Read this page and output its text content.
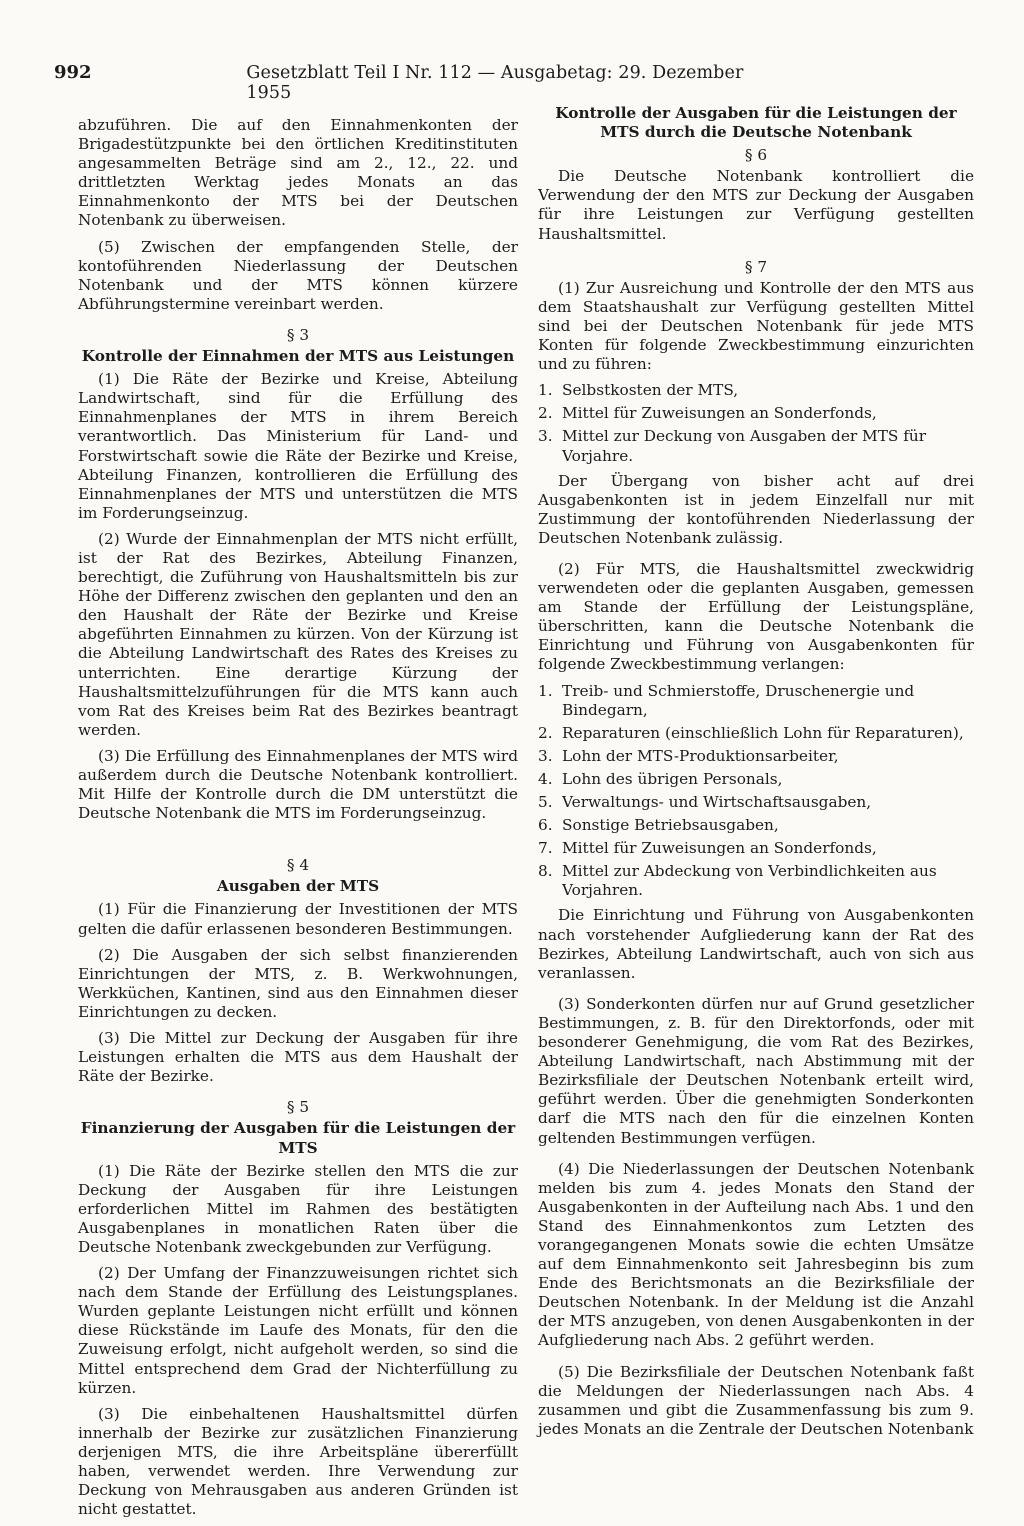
992	Gesetzblatt Teil I Nr. 112 — Ausgabetag: 29. Dezember 1955

abzuführen. Die auf den Einnahmenkonten der Brigadestützpunkte bei den örtlichen Kreditinstituten angesammelten Beträge sind am 2., 12., 22. und drittletzten Werktag jedes Monats an das Einnahmenkonto der MTS bei der Deutschen Notenbank zu überweisen.

(5) Zwischen der empfangenden Stelle, der kontoführenden Niederlassung der Deutschen Notenbank und der MTS können kürzere Abführungstermine vereinbart werden.

§ 3
Kontrolle der Einnahmen der MTS aus Leistungen

(1) Die Räte der Bezirke und Kreise, Abteilung Landwirtschaft, sind für die Erfüllung des Einnahmenplanes der MTS in ihrem Bereich verantwortlich. Das Ministerium für Land- und Forstwirtschaft sowie die Räte der Bezirke und Kreise, Abteilung Finanzen, kontrollieren die Erfüllung des Einnahmenplanes der MTS und unterstützen die MTS im Forderungseinzug.

(2) Wurde der Einnahmenplan der MTS nicht erfüllt, ist der Rat des Bezirkes, Abteilung Finanzen, berechtigt, die Zuführung von Haushaltsmitteln bis zur Höhe der Differenz zwischen den geplanten und den an den Haushalt der Räte der Bezirke und Kreise abgeführten Einnahmen zu kürzen. Von der Kürzung ist die Abteilung Landwirtschaft des Rates des Kreises zu unterrichten. Eine derartige Kürzung der Haushaltsmittelzuführungen für die MTS kann auch vom Rat des Kreises beim Rat des Bezirkes beantragt werden.

(3) Die Erfüllung des Einnahmenplanes der MTS wird außerdem durch die Deutsche Notenbank kontrolliert. Mit Hilfe der Kontrolle durch die DM unterstützt die Deutsche Notenbank die MTS im Forderungseinzug.

§ 4
Ausgaben der MTS

(1) Für die Finanzierung der Investitionen der MTS gelten die dafür erlassenen besonderen Bestimmungen.

(2) Die Ausgaben der sich selbst finanzierenden Einrichtungen der MTS, z. B. Werkwohnungen, Werkküchen, Kantinen, sind aus den Einnahmen dieser Einrichtungen zu decken.

(3) Die Mittel zur Deckung der Ausgaben für ihre Leistungen erhalten die MTS aus dem Haushalt der Räte der Bezirke.

§ 5
Finanzierung der Ausgaben für die Leistungen der MTS

(1) Die Räte der Bezirke stellen den MTS die zur Deckung der Ausgaben für ihre Leistungen erforderlichen Mittel im Rahmen des bestätigten Ausgabenplanes in monatlichen Raten über die Deutsche Notenbank zweckgebunden zur Verfügung.

(2) Der Umfang der Finanzzuweisungen richtet sich nach dem Stande der Erfüllung des Leistungsplanes. Wurden geplante Leistungen nicht erfüllt und können diese Rückstände im Laufe des Monats, für den die Zuweisung erfolgt, nicht aufgeholt werden, so sind die Mittel entsprechend dem Grad der Nichterfüllung zu kürzen.

(3) Die einbehaltenen Haushaltsmittel dürfen innerhalb der Bezirke zur zusätzlichen Finanzierung derjenigen MTS, die ihre Arbeitspläne übererfüllt haben, verwendet werden. Ihre Verwendung zur Deckung von Mehrausgaben aus anderen Gründen ist nicht gestattet.

Kontrolle der Ausgaben für die Leistungen der MTS durch die Deutsche Notenbank
§ 6

Die Deutsche Notenbank kontrolliert die Verwendung der den MTS zur Deckung der Ausgaben für ihre Leistungen zur Verfügung gestellten Haushaltsmittel.

§ 7

(1) Zur Ausreichung und Kontrolle der den MTS aus dem Staatshaushalt zur Verfügung gestellten Mittel sind bei der Deutschen Notenbank für jede MTS Konten für folgende Zweckbestimmung einzurichten und zu führen:

1. Selbstkosten der MTS,
2. Mittel für Zuweisungen an Sonderfonds,
3. Mittel zur Deckung von Ausgaben der MTS für Vorjahre.

Der Übergang von bisher acht auf drei Ausgabenkonten ist in jedem Einzelfall nur mit Zustimmung der kontoführenden Niederlassung der Deutschen Notenbank zulässig.

(2) Für MTS, die Haushaltsmittel zweckwidrig verwendeten oder die geplanten Ausgaben, gemessen am Stande der Erfüllung der Leistungspläne, überschritten, kann die Deutsche Notenbank die Einrichtung und Führung von Ausgabenkonten für folgende Zweckbestimmung verlangen:

1. Treib- und Schmierstoffe, Druschenergie und Bindegarn,
2. Reparaturen (einschließlich Lohn für Reparaturen),
3. Lohn der MTS-Produktionsarbeiter,
4. Lohn des übrigen Personals,
5. Verwaltungs- und Wirtschaftsausgaben,
6. Sonstige Betriebsausgaben,
7. Mittel für Zuweisungen an Sonderfonds,
8. Mittel zur Abdeckung von Verbindlichkeiten aus Vorjahren.

Die Einrichtung und Führung von Ausgabenkonten nach vorstehender Aufgliederung kann der Rat des Bezirkes, Abteilung Landwirtschaft, auch von sich aus veranlassen.

(3) Sonderkonten dürfen nur auf Grund gesetzlicher Bestimmungen, z. B. für den Direktorfonds, oder mit besonderer Genehmigung, die vom Rat des Bezirkes, Abteilung Landwirtschaft, nach Abstimmung mit der Bezirksfiliale der Deutschen Notenbank erteilt wird, geführt werden. Über die genehmigten Sonderkonten darf die MTS nach den für die einzelnen Konten geltenden Bestimmungen verfügen.

(4) Die Niederlassungen der Deutschen Notenbank melden bis zum 4. jedes Monats den Stand der Ausgabenkonten in der Aufteilung nach Abs. 1 und den Stand des Einnahmenkontos zum Letzten des vorangegangenen Monats sowie die echten Umsätze auf dem Einnahmenkonto seit Jahresbeginn bis zum Ende des Berichtsmonats an die Bezirksfiliale der Deutschen Notenbank. In der Meldung ist die Anzahl der MTS anzugeben, von denen Ausgabenkonten in der Aufgliederung nach Abs. 2 geführt werden.

(5) Die Bezirksfiliale der Deutschen Notenbank faßt die Meldungen der Niederlassungen nach Abs. 4 zusammen und gibt die Zusammenfassung bis zum 9. jedes Monats an die Zentrale der Deutschen Notenbank
